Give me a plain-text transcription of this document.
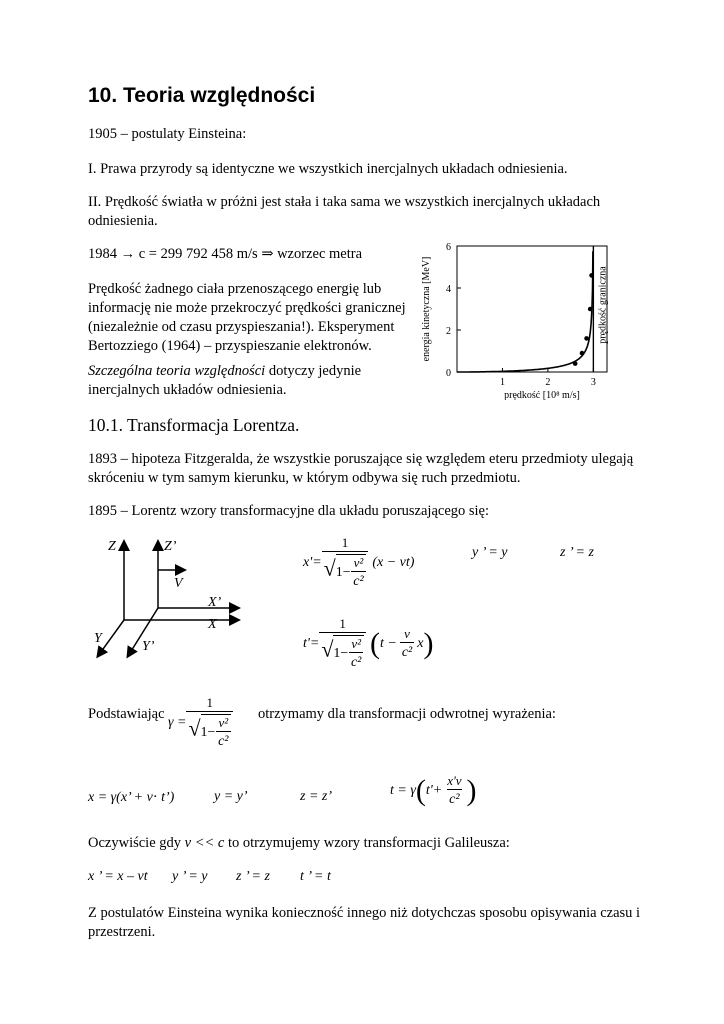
10. Teoria względności
1905 – postulaty Einsteina:
I. Prawa przyrody są identyczne we wszystkich inercjalnych układach odniesienia.
II. Prędkość światła w próżni jest stała i taka sama we wszystkich inercjalnych układach odniesienia.
1984 → c = 299 792 458 m/s ⇒ wzorzec metra
Prędkość żadnego ciała przenoszącego energię lub informację nie może przekroczyć prędkości granicznej (niezależnie od czasu przyspieszania!). Eksperyment Bertozziego (1964) – przyspieszanie elektronów.
Szczególna teoria względności dotyczy jedynie inercjalnych układów odniesienia.
0
2
4
6
1	2	3
energia kinetyczna [MeV]
prędkość [10⁸ m/s]
prędkość graniczna
10.1. Transformacja Lorentza.
1893 – hipoteza Fitzgeralda, że wszystkie poruszające się względem eteru przedmioty ulegają skróceniu w tym samym kierunku, w którym odbywa się ruch przedmiotu.
1895 – Lorentz wzory transformacyjne dla układu poruszającego się:
Z	Z’
V
X’
X
Y
Y’
$x'= \frac{1}{√ 1- \frac{\text{v²}}{\text{c²}}} (x - vt)$
y ’ = y	z ’ = z
$t'= \frac{1}{√ 1- \frac{\text{v²}}{\text{c²}}}$ ( $t - \frac{v}{\text{c²}}$ x )
Podstawiając $\gamma = \frac{1}{√ 1- \frac{\text{v²}}{\text{c²}}}$ otrzymamy dla transformacji odwrotnej wyrażenia:
x = γ(x’ + v⋅ t’)	y = y’	z = z’	t = γ ( $t'+ \frac{x'v}{\text{c²}}$ )
Oczywiście gdy v << c to otrzymujemy wzory transformacji Galileusza:
x ’ = x – vt y ’ = y z ’ = z t ’ = t
Z postulatów Einsteina wynika konieczność innego niż dotychczas sposobu opisywania czasu i przestrzeni.
